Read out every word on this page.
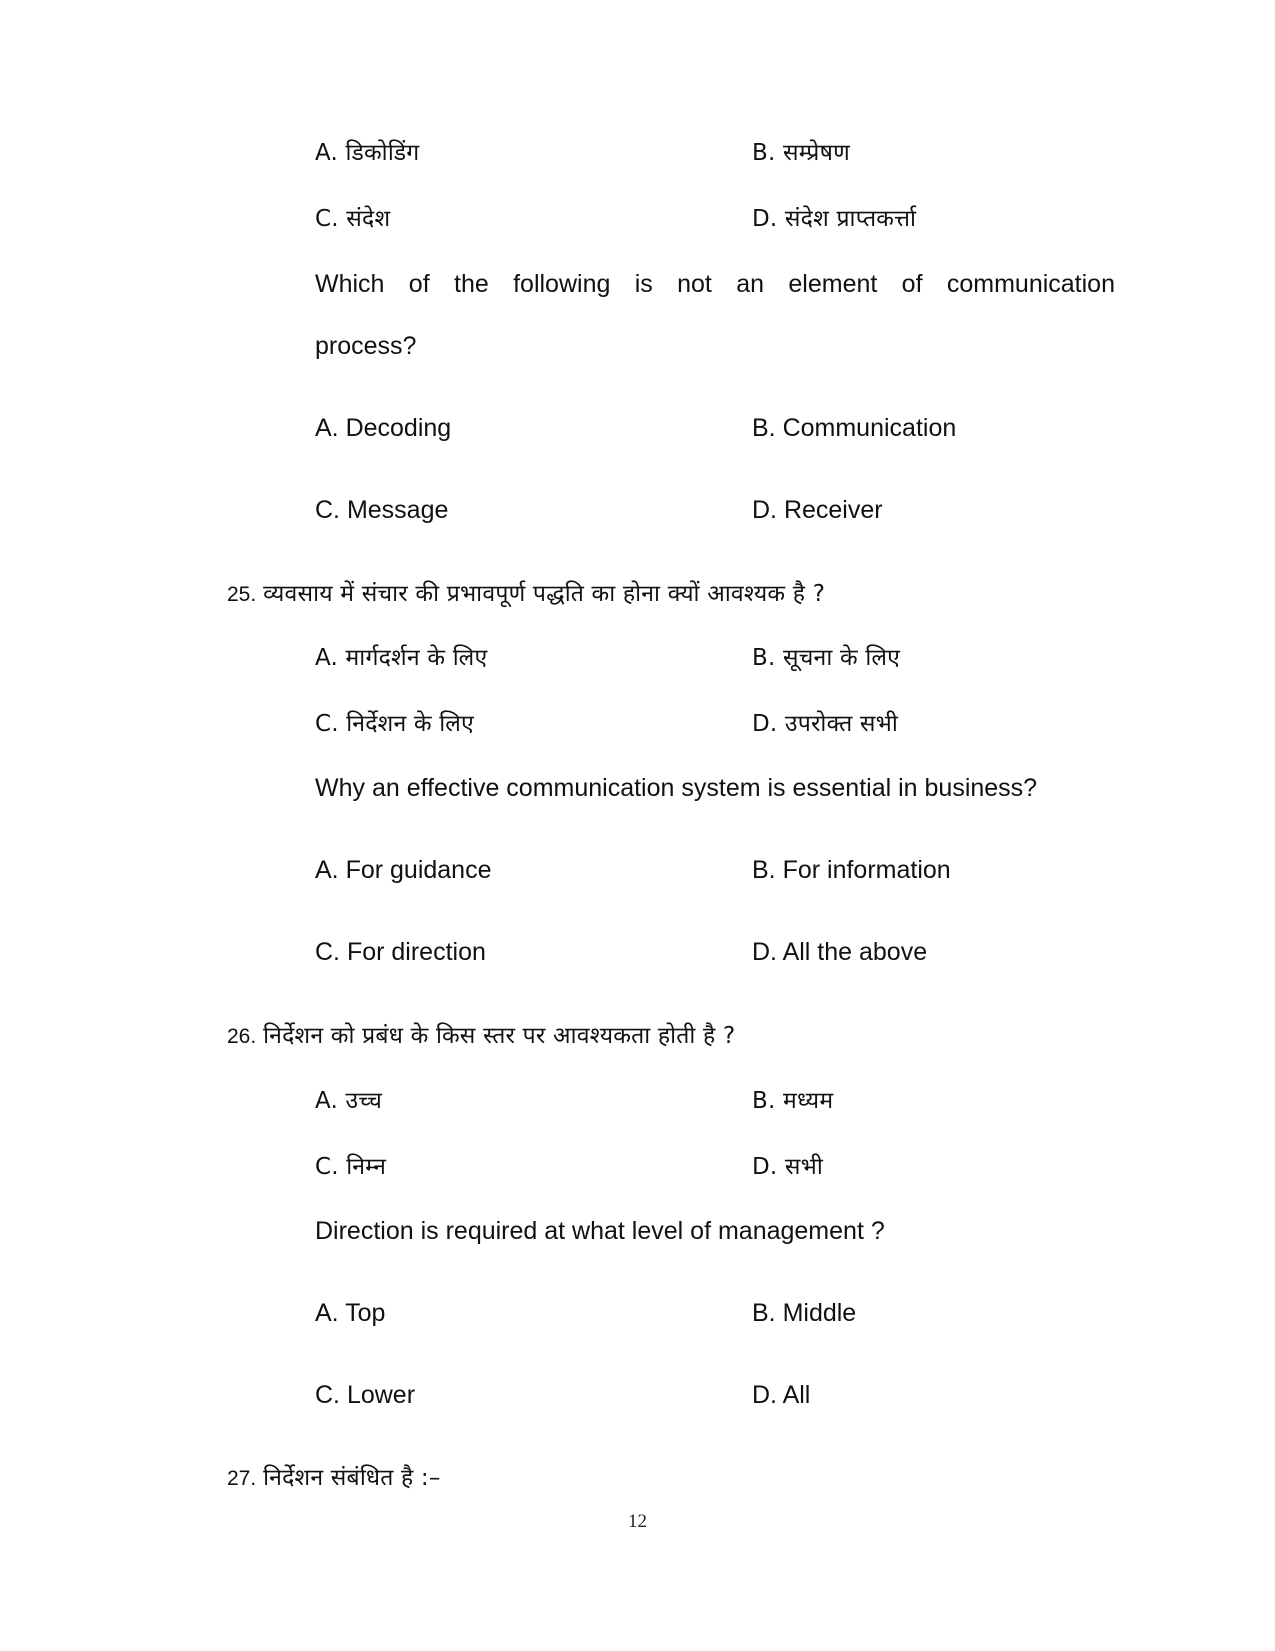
A. डिकोडिंग	B. सम्प्रेषण
C. संदेश	D. संदेश प्राप्तकर्त्ता
Which of the following is not an element of communication
process?
A. Decoding	B. Communication
C. Message	D. Receiver
25. व्यवसाय में संचार की प्रभावपूर्ण पद्धति का होना क्यों आवश्यक है ?
A. मार्गदर्शन के लिए	B. सूचना के लिए
C. निर्देशन के लिए	D. उपरोक्त सभी
Why an effective communication system is essential in business?
A. For guidance	B. For information
C. For direction	D. All the above
26. निर्देशन को प्रबंध के किस स्तर पर आवश्यकता होती है ?
A. उच्च	B. मध्यम
C. निम्न	D. सभी
Direction is required at what level of management ?
A. Top	B. Middle
C. Lower	D. All
27. निर्देशन संबंधित है :–
12
